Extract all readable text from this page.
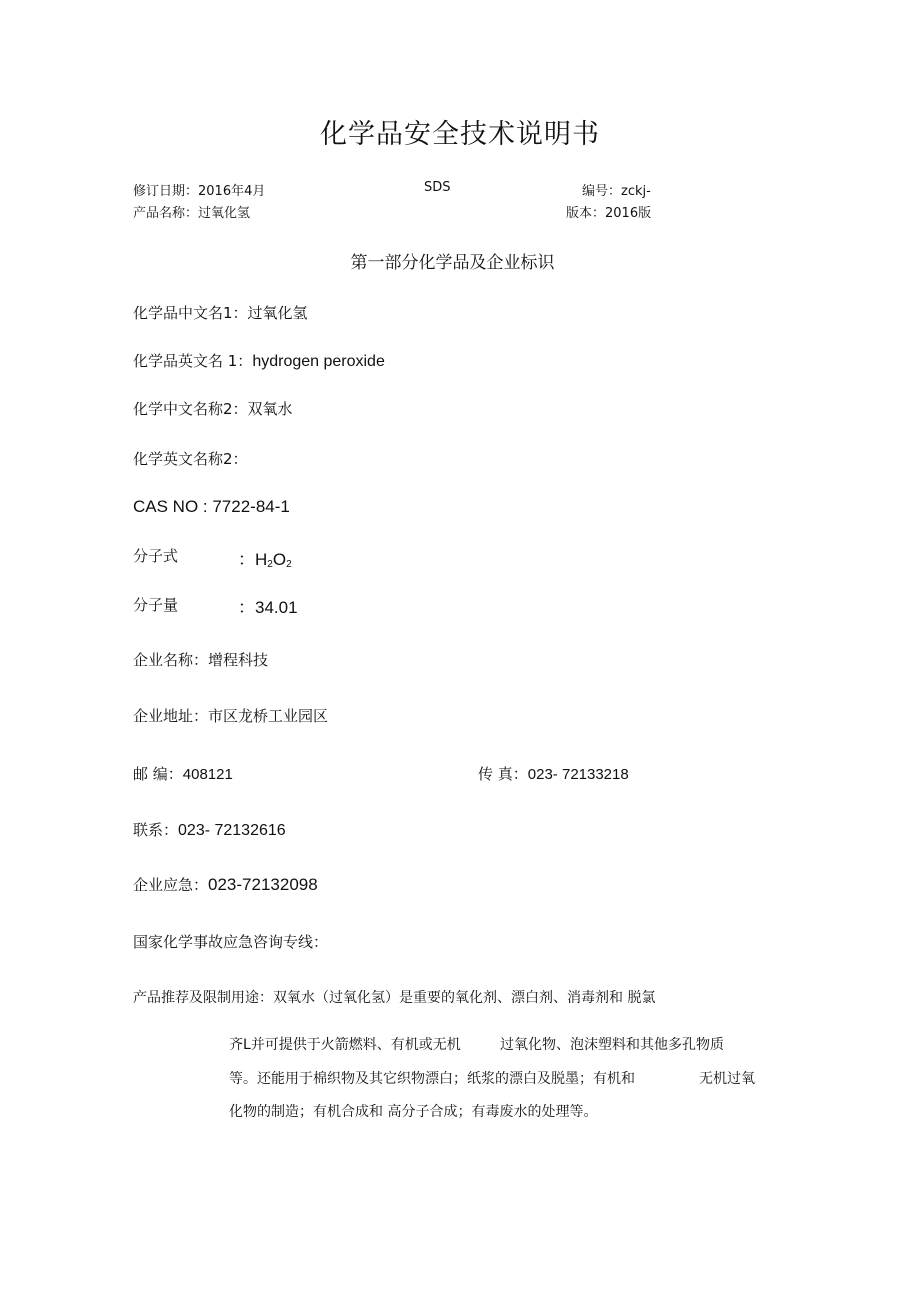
化学品安全技术说明书
修订日期：2016年4月	SDS	编号：zckj-
产品名称：过氧化氢	版本：2016版
第一部分化学品及企业标识
化学品中文名1：过氧化氢
化学品英文名 1：hydrogen peroxide
化学中文名称2：双氧水
化学英文名称2：
CAS NO : 7722-84-1
分子式	：$H_2O_2$
分子量	：34.01
企业名称：增程科技
企业地址：市区龙桥工业园区
邮 编：408121	传 真：023- 72133218
联系：023- 72132616
企业应急：023-72132098
国家化学事故应急咨询专线：
产品推荐及限制用途：双氧水（过氧化氢）是重要的氧化剂、漂白剂、消毒剂和 脱氯
齐L并可提供于火箭燃料、有机或无机	过氧化物、泡沫塑料和其他多孔物质
等。还能用于棉织物及其它织物漂白；纸浆的漂白及脱墨；有机和	无机过氧
化物的制造；有机合成和 高分子合成；有毒废水的处理等。
